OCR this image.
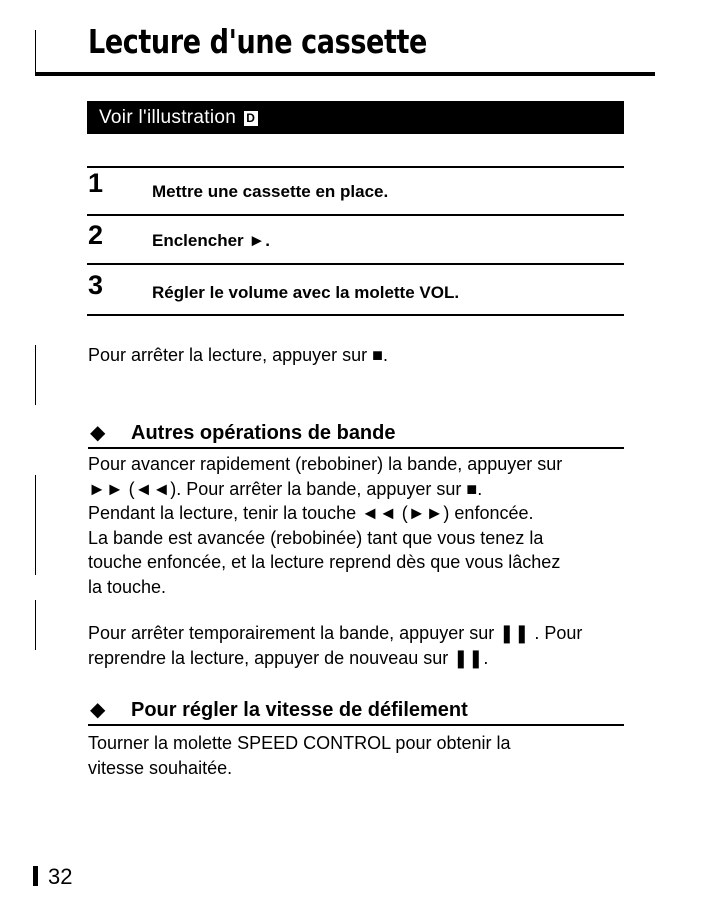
Lecture d'une cassette
Voir l'illustration D
1	Mettre une cassette en place.
2	Enclencher ►.
3	Régler le volume avec la molette VOL.
Pour arrêter la lecture, appuyer sur ■.
◆ Autres opérations de bande
Pour avancer rapidement (rebobiner) la bande, appuyer sur
►► (◄◄). Pour arrêter la bande, appuyer sur ■.
Pendant la lecture, tenir la touche ◄◄ (►►) enfoncée.
La bande est avancée (rebobinée) tant que vous tenez la
touche enfoncée, et la lecture reprend dès que vous lâchez
la touche.
Pour arrêter temporairement la bande, appuyer sur ❚❚ . Pour
reprendre la lecture, appuyer de nouveau sur ❚❚.
◆ Pour régler la vitesse de défilement
Tourner la molette SPEED CONTROL pour obtenir la
vitesse souhaitée.
32
